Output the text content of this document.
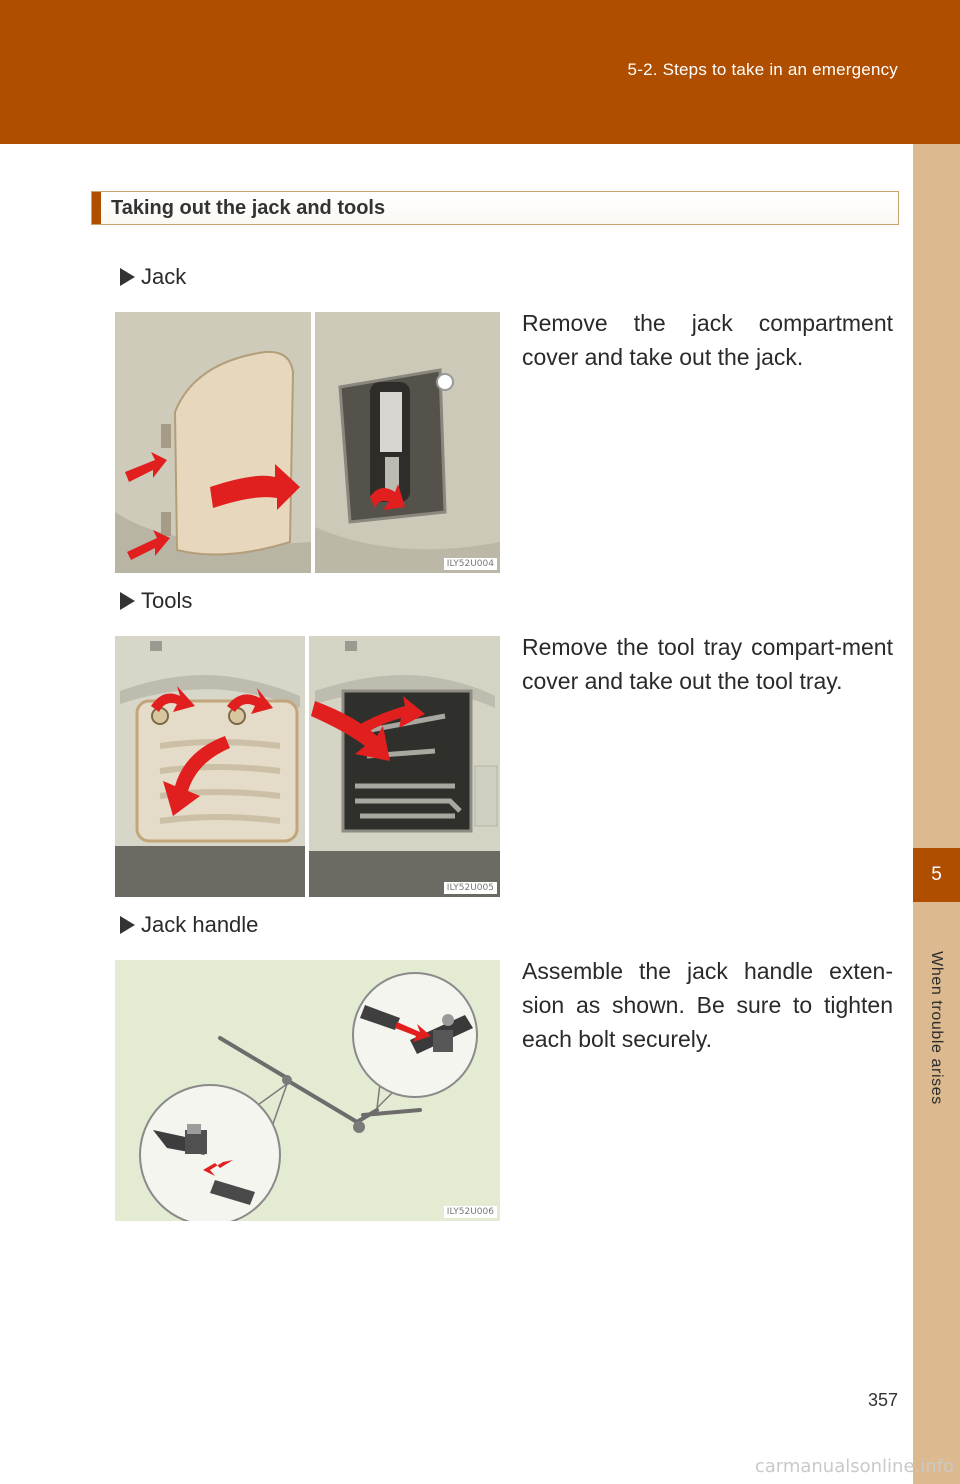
5-2. Steps to take in an emergency
5
When trouble arises
Taking out the jack and tools
Jack
Remove the jack compartment cover and take out the jack.
ILY52U004
Tools
Remove the tool tray compart-ment cover and take out the tool tray.
ILY52U005
Jack handle
Assemble the jack handle exten-sion as shown. Be sure to tighten each bolt securely.
ILY52U006
357
carmanualsonline.info
